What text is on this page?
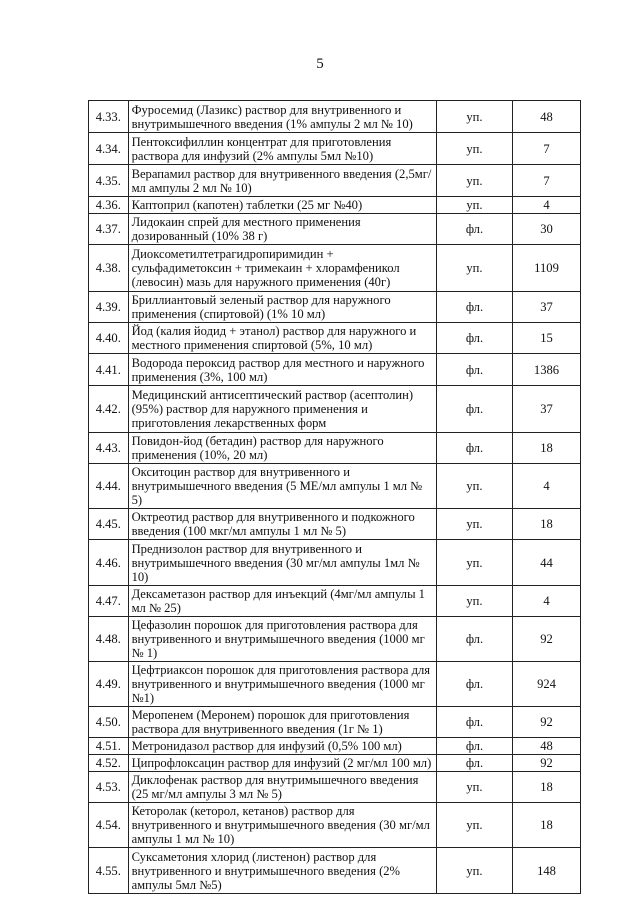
5
4.33.	Фуросемид (Лазикс) раствор для внутривенного и внутримышечного введения (1% ампулы 2 мл № 10)	уп.	48
4.34.	Пентоксифиллин концентрат для приготовления раствора для инфузий (2% ампулы 5мл №10)	уп.	7
4.35.	Верапамил раствор для внутривенного введения (2,5мг/мл ампулы 2 мл № 10)	уп.	7
4.36.	Каптоприл (капотен) таблетки (25 мг №40)	уп.	4
4.37.	Лидокаин спрей для местного применения дозированный (10% 38 г)	фл.	30
4.38.	Диоксометилтетрагидропиримидин + сульфадиметоксин + тримекаин + хлорамфеникол (левосин) мазь для наружного применения (40г)	уп.	1109
4.39.	Бриллиантовый зеленый раствор для наружного применения (спиртовой) (1% 10 мл)	фл.	37
4.40.	Йод (калия йодид + этанол) раствор для наружного и местного применения спиртовой (5%, 10 мл)	фл.	15
4.41.	Водорода пероксид раствор для местного и наружного применения (3%, 100 мл)	фл.	1386
4.42.	Медицинский антисептический раствор (асептолин) (95%) раствор для наружного применения и приготовления лекарственных форм	фл.	37
4.43.	Повидон-йод (бетадин) раствор для наружного применения (10%, 20 мл)	фл.	18
4.44.	Окситоцин раствор для внутривенного и внутримышечного введения (5 МЕ/мл ампулы 1 мл № 5)	уп.	4
4.45.	Октреотид раствор для внутривенного и подкожного введения (100 мкг/мл ампулы 1 мл № 5)	уп.	18
4.46.	Преднизолон раствор для внутривенного и внутримышечного введения (30 мг/мл ампулы 1мл № 10)	уп.	44
4.47.	Дексаметазон раствор для инъекций (4мг/мл ампулы 1 мл № 25)	уп.	4
4.48.	Цефазолин порошок для приготовления раствора для внутривенного и внутримышечного введения (1000 мг № 1)	фл.	92
4.49.	Цефтриаксон порошок для приготовления раствора для внутривенного и внутримышечного введения (1000 мг №1)	фл.	924
4.50.	Меропенем (Меронем) порошок для приготовления раствора для внутривенного введения (1г № 1)	фл.	92
4.51.	Метронидазол раствор для инфузий (0,5% 100 мл)	фл.	48
4.52.	Ципрофлоксацин раствор для инфузий (2 мг/мл 100 мл)	фл.	92
4.53.	Диклофенак раствор для внутримышечного введения (25 мг/мл ампулы 3 мл № 5)	уп.	18
4.54.	Кеторолак (кеторол, кетанов) раствор для внутривенного и внутримышечного введения (30 мг/мл ампулы 1 мл № 10)	уп.	18
4.55.	Суксаметония хлорид (листенон) раствор для внутривенного и внутримышечного введения (2% ампулы 5мл №5)	уп.	148
